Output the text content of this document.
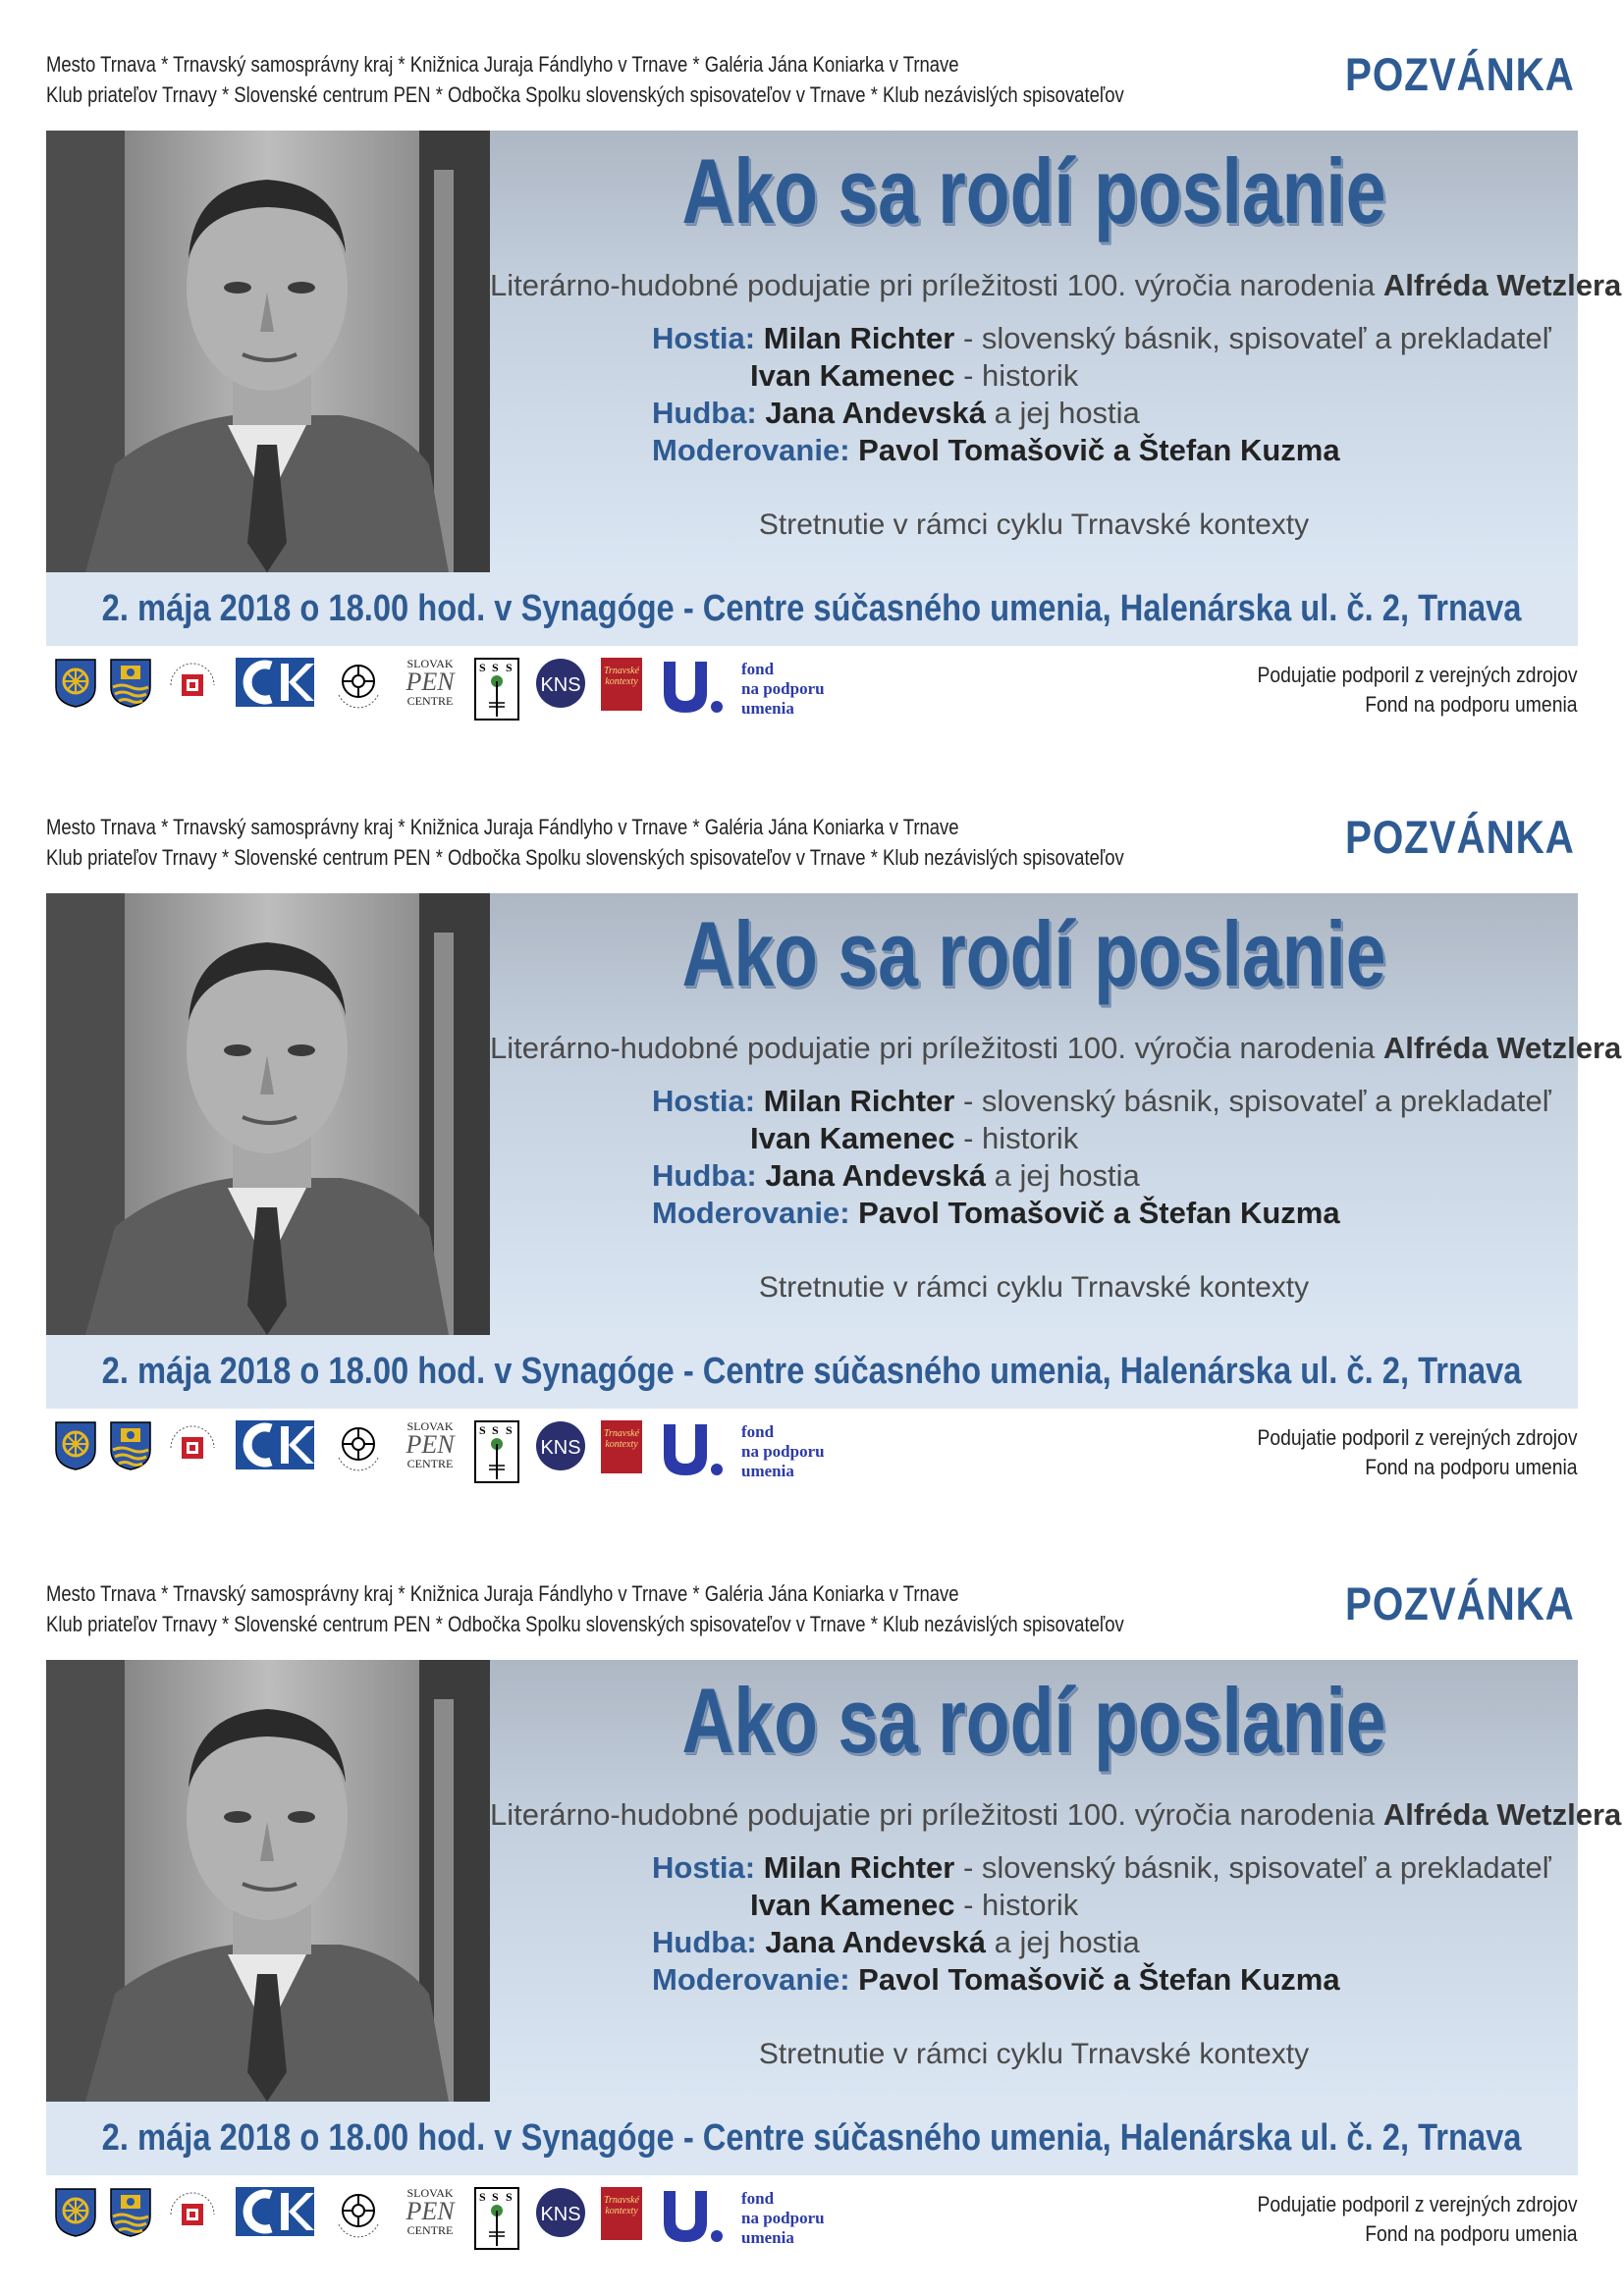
Mesto Trnava * Trnavský samosprávny kraj * Knižnica Juraja Fándlyho v Trnave * Galéria Jána Koniarka v Trnave
Klub priateľov Trnavy * Slovenské centrum PEN * Odbočka Spolku slovenských spisovateľov v Trnave * Klub nezávislých spisovateľov	POZVÁNKA
Ako sa rodí poslanie
Literárno-hudobné podujatie pri príležitosti 100. výročia narodenia Alfréda Wetzlera
Hostia: Milan Richter - slovenský básnik, spisovateľ a prekladateľ
Ivan Kamenec - historik
Hudba: Jana Andevská a jej hostia
Moderovanie: Pavol Tomašovič a Štefan Kuzma
Stretnutie v rámci cyklu Trnavské kontexty
2. mája 2018 o 18.00 hod. v Synagóge - Centre súčasného umenia, Halenárska ul. č. 2, Trnava
SLOVAK
PEN
CENTRE
S S S
KNS
Trnavské kontexty
fond
na podporu
umenia
Podujatie podporil z verejných zdrojov
Fond na podporu umenia
Mesto Trnava * Trnavský samosprávny kraj * Knižnica Juraja Fándlyho v Trnave * Galéria Jána Koniarka v Trnave
Klub priateľov Trnavy * Slovenské centrum PEN * Odbočka Spolku slovenských spisovateľov v Trnave * Klub nezávislých spisovateľov	POZVÁNKA
Ako sa rodí poslanie
Literárno-hudobné podujatie pri príležitosti 100. výročia narodenia Alfréda Wetzlera
Hostia: Milan Richter - slovenský básnik, spisovateľ a prekladateľ
Ivan Kamenec - historik
Hudba: Jana Andevská a jej hostia
Moderovanie: Pavol Tomašovič a Štefan Kuzma
Stretnutie v rámci cyklu Trnavské kontexty
2. mája 2018 o 18.00 hod. v Synagóge - Centre súčasného umenia, Halenárska ul. č. 2, Trnava
SLOVAK
PEN
CENTRE
S S S
KNS
Trnavské kontexty
fond
na podporu
umenia
Podujatie podporil z verejných zdrojov
Fond na podporu umenia
Mesto Trnava * Trnavský samosprávny kraj * Knižnica Juraja Fándlyho v Trnave * Galéria Jána Koniarka v Trnave
Klub priateľov Trnavy * Slovenské centrum PEN * Odbočka Spolku slovenských spisovateľov v Trnave * Klub nezávislých spisovateľov	POZVÁNKA
Ako sa rodí poslanie
Literárno-hudobné podujatie pri príležitosti 100. výročia narodenia Alfréda Wetzlera
Hostia: Milan Richter - slovenský básnik, spisovateľ a prekladateľ
Ivan Kamenec - historik
Hudba: Jana Andevská a jej hostia
Moderovanie: Pavol Tomašovič a Štefan Kuzma
Stretnutie v rámci cyklu Trnavské kontexty
2. mája 2018 o 18.00 hod. v Synagóge - Centre súčasného umenia, Halenárska ul. č. 2, Trnava
SLOVAK
PEN
CENTRE
S S S
KNS
Trnavské kontexty
fond
na podporu
umenia
Podujatie podporil z verejných zdrojov
Fond na podporu umenia
